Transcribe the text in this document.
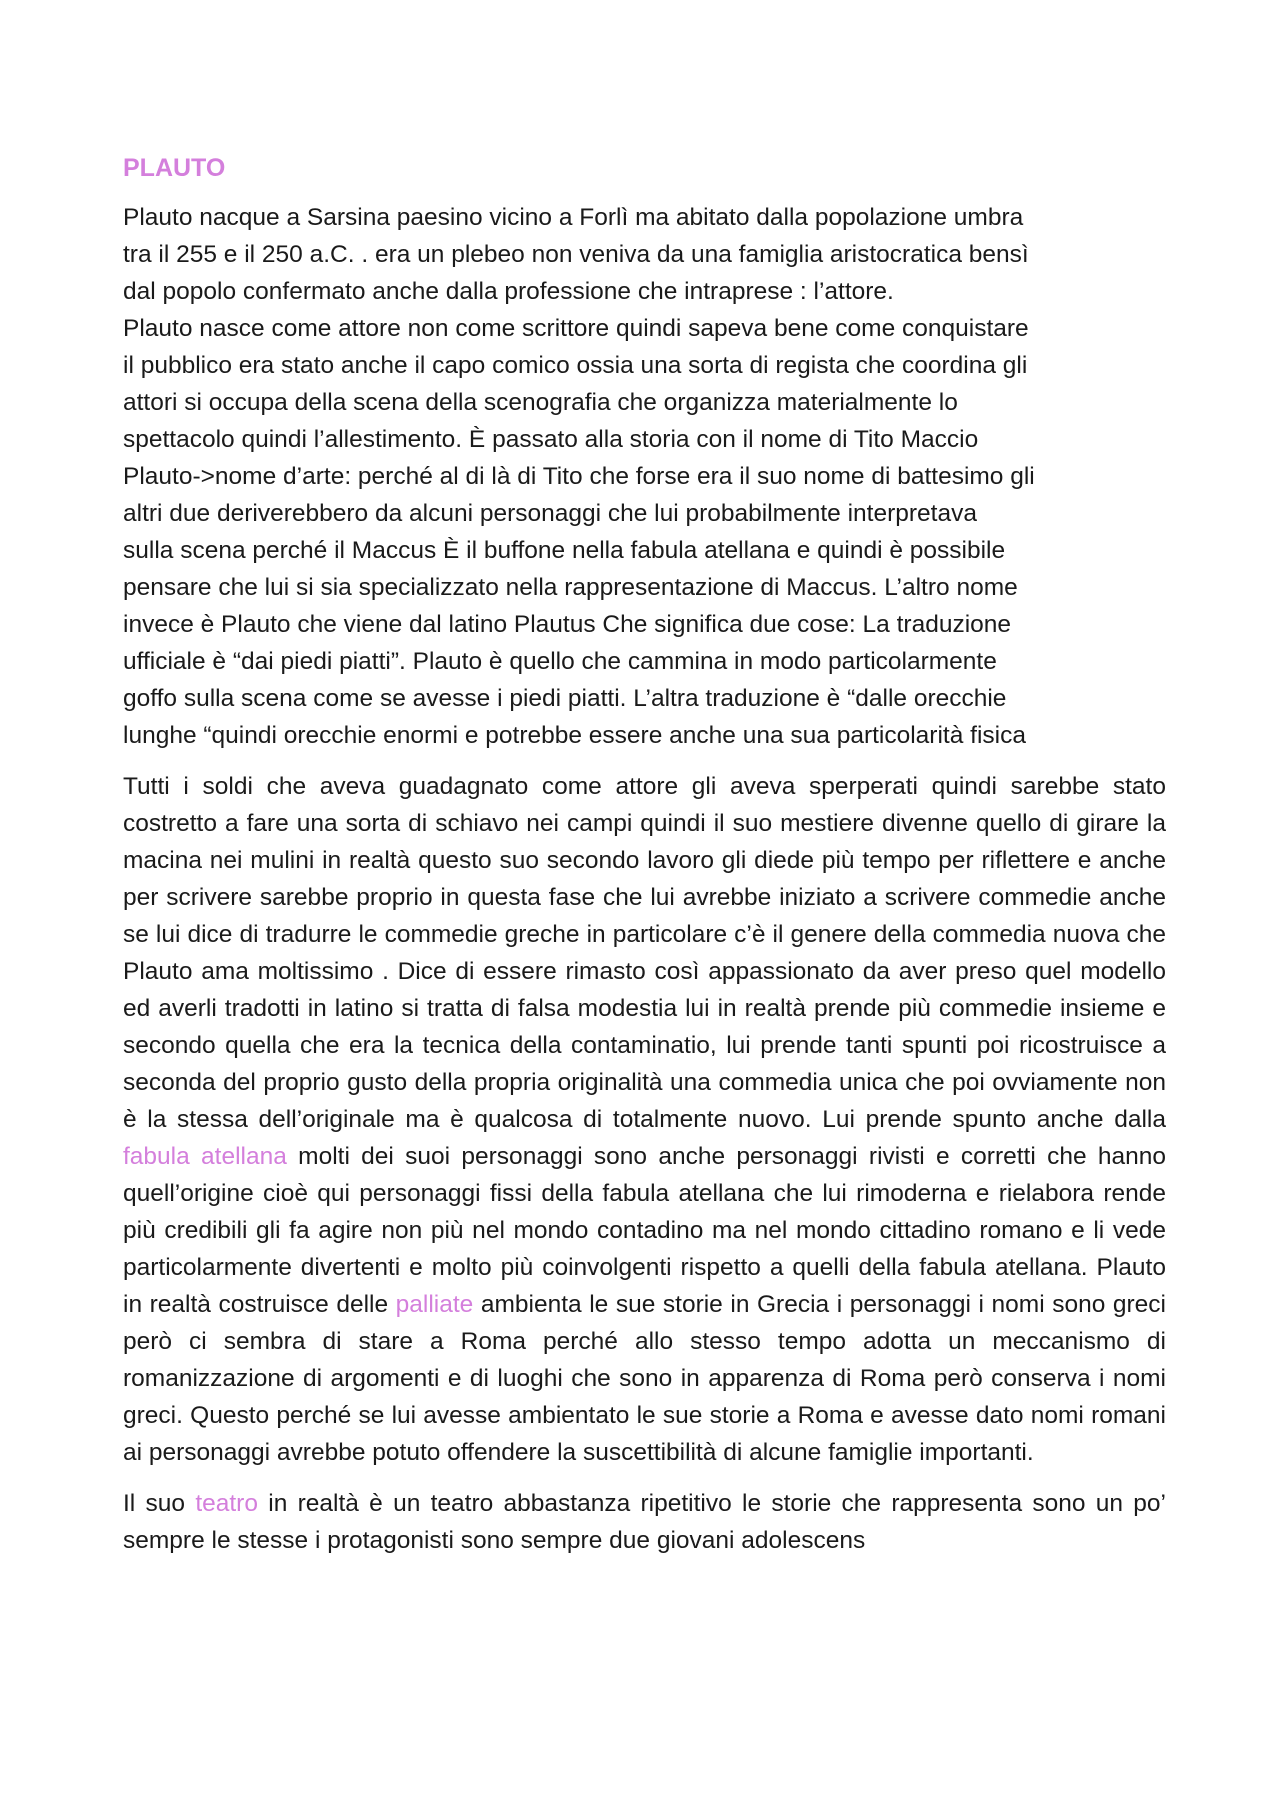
PLAUTO
Plauto nacque a Sarsina paesino vicino a Forlì ma abitato dalla popolazione umbra
tra il 255 e il 250 a.C. . era un plebeo non veniva da una famiglia aristocratica bensì
dal popolo confermato anche dalla professione che intraprese : l’attore.
Plauto nasce come attore non come scrittore quindi sapeva bene come conquistare
il pubblico era stato anche il capo comico ossia una sorta di regista che coordina gli
attori si occupa della scena della scenografia che organizza materialmente lo
spettacolo quindi l’allestimento. È passato alla storia con il nome di Tito Maccio
Plauto->nome d’arte: perché al di là di Tito che forse era il suo nome di battesimo gli
altri due deriverebbero da alcuni personaggi che lui probabilmente interpretava
sulla scena perché il Maccus È il buffone nella fabula atellana e quindi è possibile
pensare che lui si sia specializzato nella rappresentazione di Maccus. L’altro nome
invece è Plauto che viene dal latino Plautus Che significa due cose: La traduzione
ufficiale è “dai piedi piatti”. Plauto è quello che cammina in modo particolarmente
goffo sulla scena come se avesse i piedi piatti. L’altra traduzione è “dalle orecchie
lunghe “quindi orecchie enormi e potrebbe essere anche una sua particolarità fisica
Tutti i soldi che aveva guadagnato come attore gli aveva sperperati quindi sarebbe stato costretto a fare una sorta di schiavo nei campi quindi il suo mestiere divenne quello di girare la macina nei mulini in realtà questo suo secondo lavoro gli diede più tempo per riflettere e anche per scrivere sarebbe proprio in questa fase che lui avrebbe iniziato a scrivere commedie anche se lui dice di tradurre le commedie greche in particolare c’è il genere della commedia nuova che Plauto ama moltissimo . Dice di essere rimasto così appassionato da aver preso quel modello ed averli tradotti in latino si tratta di falsa modestia lui in realtà prende più commedie insieme e secondo quella che era la tecnica della contaminatio, lui prende tanti spunti poi ricostruisce a seconda del proprio gusto della propria originalità una commedia unica che poi ovviamente non è la stessa dell’originale ma è qualcosa di totalmente nuovo. Lui prende spunto anche dalla fabula atellana molti dei suoi personaggi sono anche personaggi rivisti e corretti che hanno quell’origine cioè qui personaggi fissi della fabula atellana che lui rimoderna e rielabora rende più credibili gli fa agire non più nel mondo contadino ma nel mondo cittadino romano e li vede particolarmente divertenti e molto più coinvolgenti rispetto a quelli della fabula atellana. Plauto in realtà costruisce delle palliate ambienta le sue storie in Grecia i personaggi i nomi sono greci però ci sembra di stare a Roma perché allo stesso tempo adotta un meccanismo di romanizzazione di argomenti e di luoghi che sono in apparenza di Roma però conserva i nomi greci. Questo perché se lui avesse ambientato le sue storie a Roma e avesse dato nomi romani ai personaggi avrebbe potuto offendere la suscettibilità di alcune famiglie importanti.
Il suo teatro in realtà è un teatro abbastanza ripetitivo le storie che rappresenta sono un po’ sempre le stesse i protagonisti sono sempre due giovani adolescens
